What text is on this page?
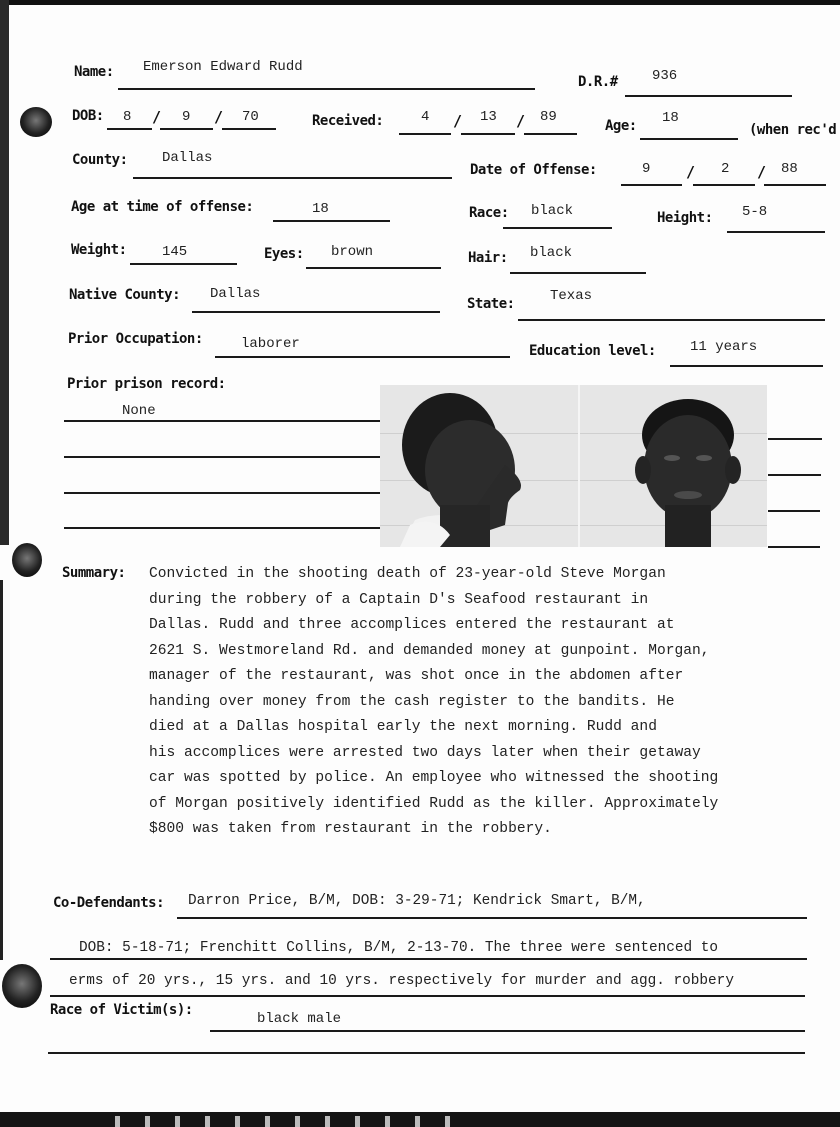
Name: Emerson Edward Rudd
D.R.# 936
DOB: 8 / 9 / 70	Received:	4 / 13 / 89
Age: 18
(when rec'd
County: Dallas
Date of Offense:	9 / 2 / 88
Age at time of offense:	18	Race: black	Height: 5-8
Weight:	145	Eyes: brown	Hair: black
Native County: Dallas
State:	Texas
Prior Occupation:	laborer	Education level: 11 years
Prior prison record:
None
Summary: Convicted in the shooting death of 23-year-old Steve Morgan
during the robbery of a Captain D's Seafood restaurant in
Dallas. Rudd and three accomplices entered the restaurant at
2621 S. Westmoreland Rd. and demanded money at gunpoint. Morgan,
manager of the restaurant, was shot once in the abdomen after
handing over money from the cash register to the bandits. He
died at a Dallas hospital early the next morning. Rudd and
his accomplices were arrested two days later when their getaway
car was spotted by police. An employee who witnessed the shooting
of Morgan positively identified Rudd as the killer. Approximately
$800 was taken from restaurant in the robbery.
Co-Defendants: Darron Price, B/M, DOB: 3-29-71; Kendrick Smart, B/M,
DOB: 5-18-71; Frenchitt Collins, B/M, 2-13-70. The three were sentenced to
erms of 20 yrs., 15 yrs. and 10 yrs. respectively for murder and agg. robbery
Race of Victim(s):
black male
